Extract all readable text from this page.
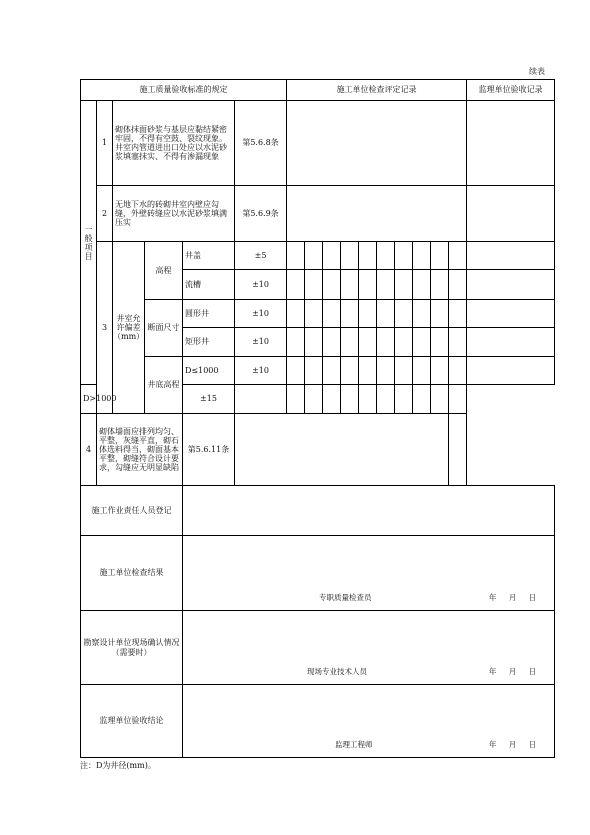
续表
施工质量验收标准的规定						施工单位检查评定记录										监理单位验收记录
一般项目	1	砌体抹面砂浆与基层应黏结紧密牢固，不得有空鼓、裂纹现象。井室内管道进出口处应以水泥砂浆填塞抹实、不得有渗漏现象			第5.6.8条											
	2	无地下水的砖砌井室内壁应勾缝，外壁砖缝应以水泥砂浆填满压实			第5.6.9条											
	3	井室允许偏差（mm）	高程	井盖	±5											
				流槽	±10											
			断面尺寸	圆形井	±10											
				矩形井	±10											
			井底高程	D≤1000	±10											
D>1000				±15												
4	砌体墙面应排列均匀、平整，灰缝平直，砌石体选料得当，砌面基本平整，砌缝符合设计要求，勾缝应无明显缺陷			第5.6.11条												
施工作业责任人员登记																
施工单位检查结果				专职质量检查员 年 月 日												

勘察设计单位现场确认情况（需要时）				现场专业技术人员 年 月 日												

监理单位验收结论				监理工程师 年 月 日												
注：D为井径(mm)。
